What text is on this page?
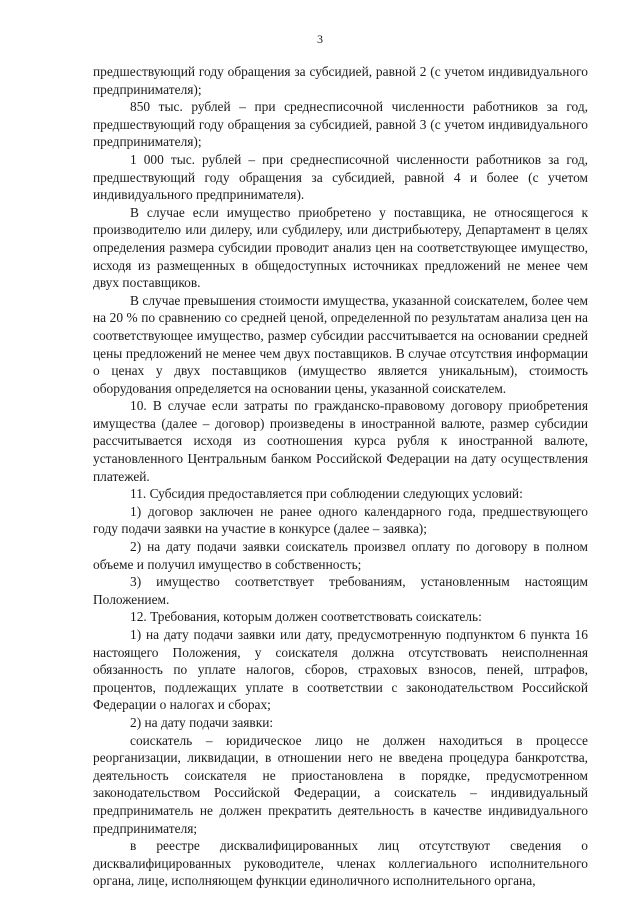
3

предшествующий году обращения за субсидией, равной 2 (с учетом индивидуального предпринимателя);

850 тыс. рублей – при среднесписочной численности работников за год, предшествующий году обращения за субсидией, равной 3 (с учетом индивидуального предпринимателя);

1 000 тыс. рублей – при среднесписочной численности работников за год, предшествующий году обращения за субсидией, равной 4 и более (с учетом индивидуального предпринимателя).

В случае если имущество приобретено у поставщика, не относящегося к производителю или дилеру, или субдилеру, или дистрибьютеру, Департамент в целях определения размера субсидии проводит анализ цен на соответствующее имущество, исходя из размещенных в общедоступных источниках предложений не менее чем двух поставщиков.

В случае превышения стоимости имущества, указанной соискателем, более чем на 20 % по сравнению со средней ценой, определенной по результатам анализа цен на соответствующее имущество, размер субсидии рассчитывается на основании средней цены предложений не менее чем двух поставщиков. В случае отсутствия информации о ценах у двух поставщиков (имущество является уникальным), стоимость оборудования определяется на основании цены, указанной соискателем.

10. В случае если затраты по гражданско-правовому договору приобретения имущества (далее – договор) произведены в иностранной валюте, размер субсидии рассчитывается исходя из соотношения курса рубля к иностранной валюте, установленного Центральным банком Российской Федерации на дату осуществления платежей.

11. Субсидия предоставляется при соблюдении следующих условий:

1) договор заключен не ранее одного календарного года, предшествующего году подачи заявки на участие в конкурсе (далее – заявка);

2) на дату подачи заявки соискатель произвел оплату по договору в полном объеме и получил имущество в собственность;

3) имущество соответствует требованиям, установленным настоящим Положением.

12. Требования, которым должен соответствовать соискатель:

1) на дату подачи заявки или дату, предусмотренную подпунктом 6 пункта 16 настоящего Положения, у соискателя должна отсутствовать неисполненная обязанность по уплате налогов, сборов, страховых взносов, пеней, штрафов, процентов, подлежащих уплате в соответствии с законодательством Российской Федерации о налогах и сборах;

2) на дату подачи заявки:

соискатель – юридическое лицо не должен находиться в процессе реорганизации, ликвидации, в отношении него не введена процедура банкротства, деятельность соискателя не приостановлена в порядке, предусмотренном законодательством Российской Федерации, а соискатель – индивидуальный предприниматель не должен прекратить деятельность в качестве индивидуального предпринимателя;

в реестре дисквалифицированных лиц отсутствуют сведения о дисквалифицированных руководителе, членах коллегиального исполнительного органа, лице, исполняющем функции единоличного исполнительного органа,
